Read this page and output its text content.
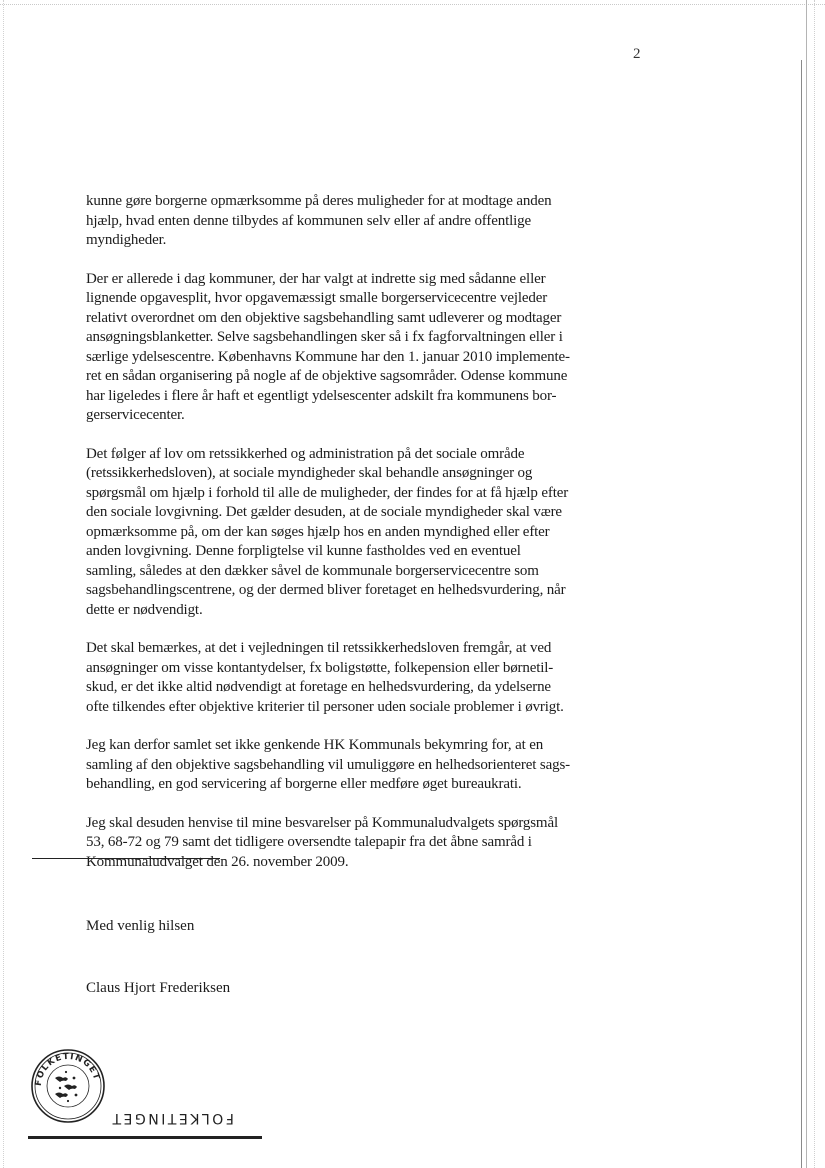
2

kunne gøre borgerne opmærksomme på deres muligheder for at modtage anden
hjælp, hvad enten denne tilbydes af kommunen selv eller af andre offentlige
myndigheder.

Der er allerede i dag kommuner, der har valgt at indrette sig med sådanne eller
lignende opgavesplit, hvor opgavemæssigt smalle borgerservicecentre vejleder
relativt overordnet om den objektive sagsbehandling samt udleverer og modtager
ansøgningsblanketter. Selve sagsbehandlingen sker så i fx fagforvaltningen eller i
særlige ydelsescentre. Københavns Kommune har den 1. januar 2010 implemente-
ret en sådan organisering på nogle af de objektive sagsområder. Odense kommune
har ligeledes i flere år haft et egentligt ydelsescenter adskilt fra kommunens bor-
gerservicecenter.

Det følger af lov om retssikkerhed og administration på det sociale område
(retssikkerhedsloven), at sociale myndigheder skal behandle ansøgninger og
spørgsmål om hjælp i forhold til alle de muligheder, der findes for at få hjælp efter
den sociale lovgivning. Det gælder desuden, at de sociale myndigheder skal være
opmærksomme på, om der kan søges hjælp hos en anden myndighed eller efter
anden lovgivning. Denne forpligtelse vil kunne fastholdes ved en eventuel
samling, således at den dækker såvel de kommunale borgerservicecentre som
sagsbehandlingscentrene, og der dermed bliver foretaget en helhedsvurdering, når
dette er nødvendigt.

Det skal bemærkes, at det i vejledningen til retssikkerhedsloven fremgår, at ved
ansøgninger om visse kontantydelser, fx boligstøtte, folkepension eller børnetil-
skud, er det ikke altid nødvendigt at foretage en helhedsvurdering, da ydelserne
ofte tilkendes efter objektive kriterier til personer uden sociale problemer i øvrigt.

Jeg kan derfor samlet set ikke genkende HK Kommunals bekymring for, at en
samling af den objektive sagsbehandling vil umuliggøre en helhedsorienteret sags-
behandling, en god servicering af borgerne eller medføre øget bureaukrati.

Jeg skal desuden henvise til mine besvarelser på Kommunaludvalgets spørgsmål
53, 68-72 og 79 samt det tidligere oversendte talepapir fra det åbne samråd i
Kommunaludvalget den 26. november 2009.

Med venlig hilsen
Claus Hjort Frederiksen
FOLKETINGET
FOLKETINGET
